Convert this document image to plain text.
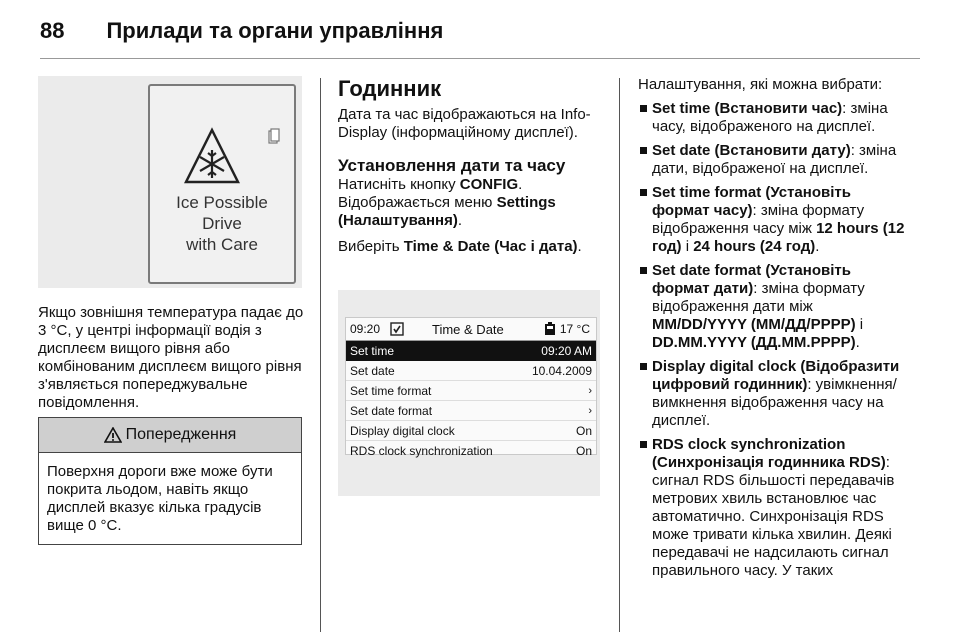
88 Прилади та органи управління
Ice Possible
Drive
with Care

Якщо зовнішня температура падає до 3 °C, у центрі інформації водія з дисплеєм вищого рівня або комбінованим дисплеєм вищого рівня з'являється попереджувальне повідомлення.

Попередження
Поверхня дороги вже може бути покрита льодом, навіть якщо дисплей вказує кілька градусів вище 0 °C.
Годинник

Дата та час відображаються на Info-Display (інформаційному дисплеї).

Установлення дати та часу

Натисніть кнопку CONFIG.

Відображається меню Settings (Налаштування).

Виберіть Time & Date (Час і дата).

09:20	Time & Date	17 °C
Set time	09:20 AM
Set date	10.04.2009
Set time format	›
Set date format	›
Display digital clock	On
RDS clock synchronization	On

Налаштування, які можна вибрати:

Set time (Встановити час): зміна часу, відображеного на дисплеї.
Set date (Встановити дату): зміна дати, відображеної на дисплеї.
Set time format (Установіть формат часу): зміна формату відображення часу між 12 hours (12 год) і 24 hours (24 год).
Set date format (Установіть формат дати): зміна формату відображення дати між MM/DD/YYYY (ММ/ДД/РРРР) і DD.MM.YYYY (ДД.ММ.РРРР).
Display digital clock (Відобразити цифровий годинник): увімкнення/вимкнення відображення часу на дисплеї.
RDS clock synchronization (Синхронізація годинника RDS): сигнал RDS більшості передавачів метрових хвиль встановлює час автоматично. Синхронізація RDS може тривати кілька хвилин. Деякі передавачі не надсилають сигнал правильного часу. У таких
